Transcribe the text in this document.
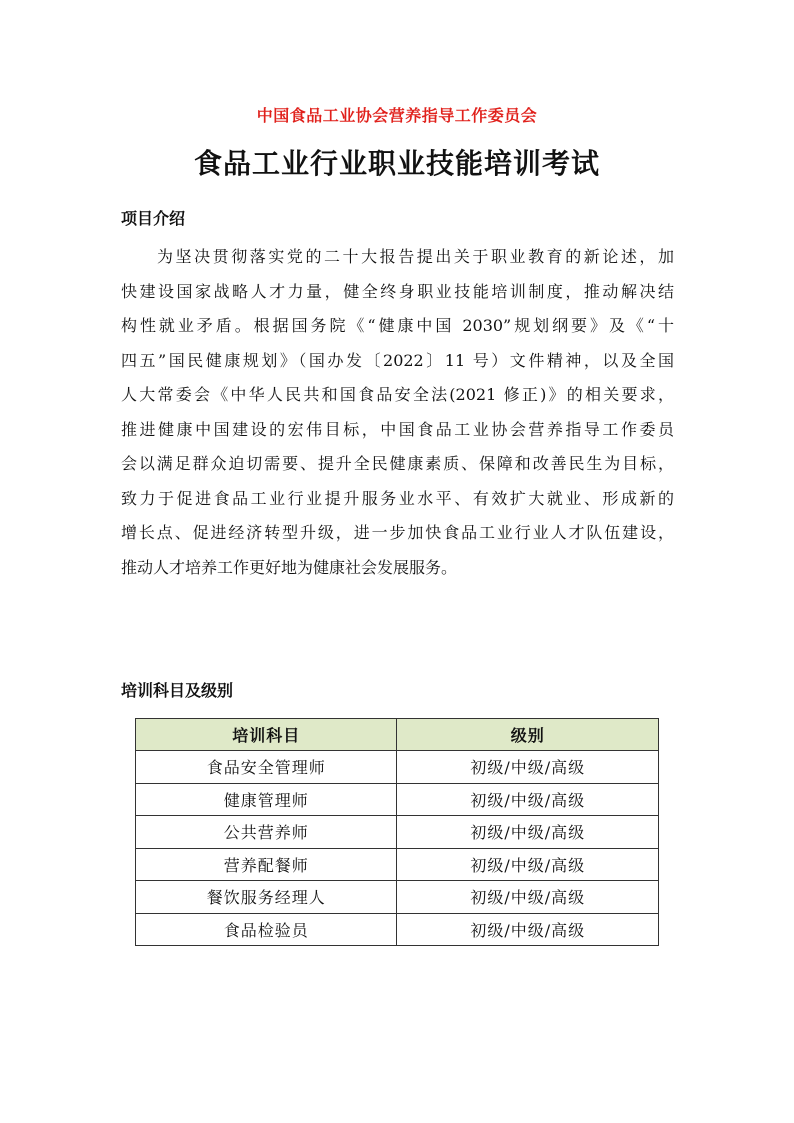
中国食品工业协会营养指导工作委员会
食品工业行业职业技能培训考试
项目介绍
为坚决贯彻落实党的二十大报告提出关于职业教育的新论述，加
快建设国家战略人才力量，健全终身职业技能培训制度，推动解决结
构性就业矛盾。根据国务院《“健康中国 2030”规划纲要》及《“十
四五”国民健康规划》（国办发〔2022〕11 号）文件精神，以及全国
人大常委会《中华人民共和国食品安全法(2021 修正)》的相关要求，
推进健康中国建设的宏伟目标，中国食品工业协会营养指导工作委员
会以满足群众迫切需要、提升全民健康素质、保障和改善民生为目标，
致力于促进食品工业行业提升服务业水平、有效扩大就业、形成新的
增长点、促进经济转型升级，进一步加快食品工业行业人才队伍建设，
推动人才培养工作更好地为健康社会发展服务。
培训科目及级别
培训科目	级别
食品安全管理师	初级/中级/高级
健康管理师	初级/中级/高级
公共营养师	初级/中级/高级
营养配餐师	初级/中级/高级
餐饮服务经理人	初级/中级/高级
食品检验员	初级/中级/高级
